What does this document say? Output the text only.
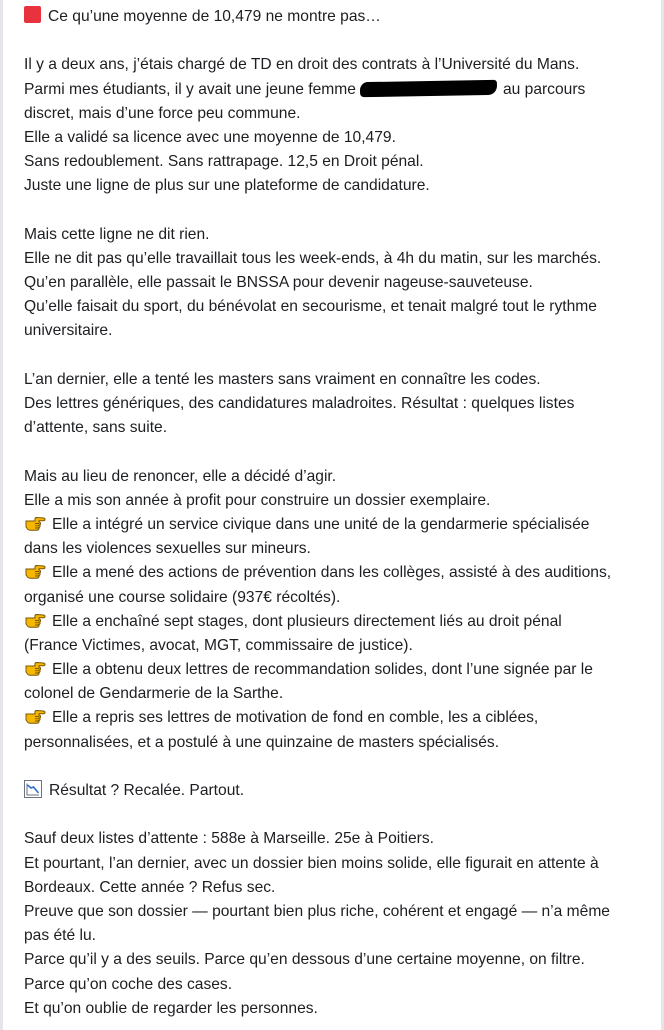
Ce qu’une moyenne de 10,479 ne montre pas…
Il y a deux ans, j’étais chargé de TD en droit des contrats à l’Université du Mans.
Parmi mes étudiants, il y avait une jeune femme	au parcours
discret, mais d’une force peu commune.
Elle a validé sa licence avec une moyenne de 10,479.
Sans redoublement. Sans rattrapage. 12,5 en Droit pénal.
Juste une ligne de plus sur une plateforme de candidature.
Mais cette ligne ne dit rien.
Elle ne dit pas qu’elle travaillait tous les week-ends, à 4h du matin, sur les marchés.
Qu’en parallèle, elle passait le BNSSA pour devenir nageuse-sauveteuse.
Qu’elle faisait du sport, du bénévolat en secourisme, et tenait malgré tout le rythme
universitaire.
L’an dernier, elle a tenté les masters sans vraiment en connaître les codes.
Des lettres génériques, des candidatures maladroites. Résultat : quelques listes
d’attente, sans suite.
Mais au lieu de renoncer, elle a décidé d’agir.
Elle a mis son année à profit pour construire un dossier exemplaire.
Elle a intégré un service civique dans une unité de la gendarmerie spécialisée
dans les violences sexuelles sur mineurs.
Elle a mené des actions de prévention dans les collèges, assisté à des auditions,
organisé une course solidaire (937€ récoltés).
Elle a enchaîné sept stages, dont plusieurs directement liés au droit pénal
(France Victimes, avocat, MGT, commissaire de justice).
Elle a obtenu deux lettres de recommandation solides, dont l’une signée par le
colonel de Gendarmerie de la Sarthe.
Elle a repris ses lettres de motivation de fond en comble, les a ciblées,
personnalisées, et a postulé à une quinzaine de masters spécialisés.
Résultat ? Recalée. Partout.
Sauf deux listes d’attente : 588e à Marseille. 25e à Poitiers.
Et pourtant, l’an dernier, avec un dossier bien moins solide, elle figurait en attente à
Bordeaux. Cette année ? Refus sec.
Preuve que son dossier — pourtant bien plus riche, cohérent et engagé — n’a même
pas été lu.
Parce qu’il y a des seuils. Parce qu’en dessous d’une certaine moyenne, on filtre.
Parce qu’on coche des cases.
Et qu’on oublie de regarder les personnes.
